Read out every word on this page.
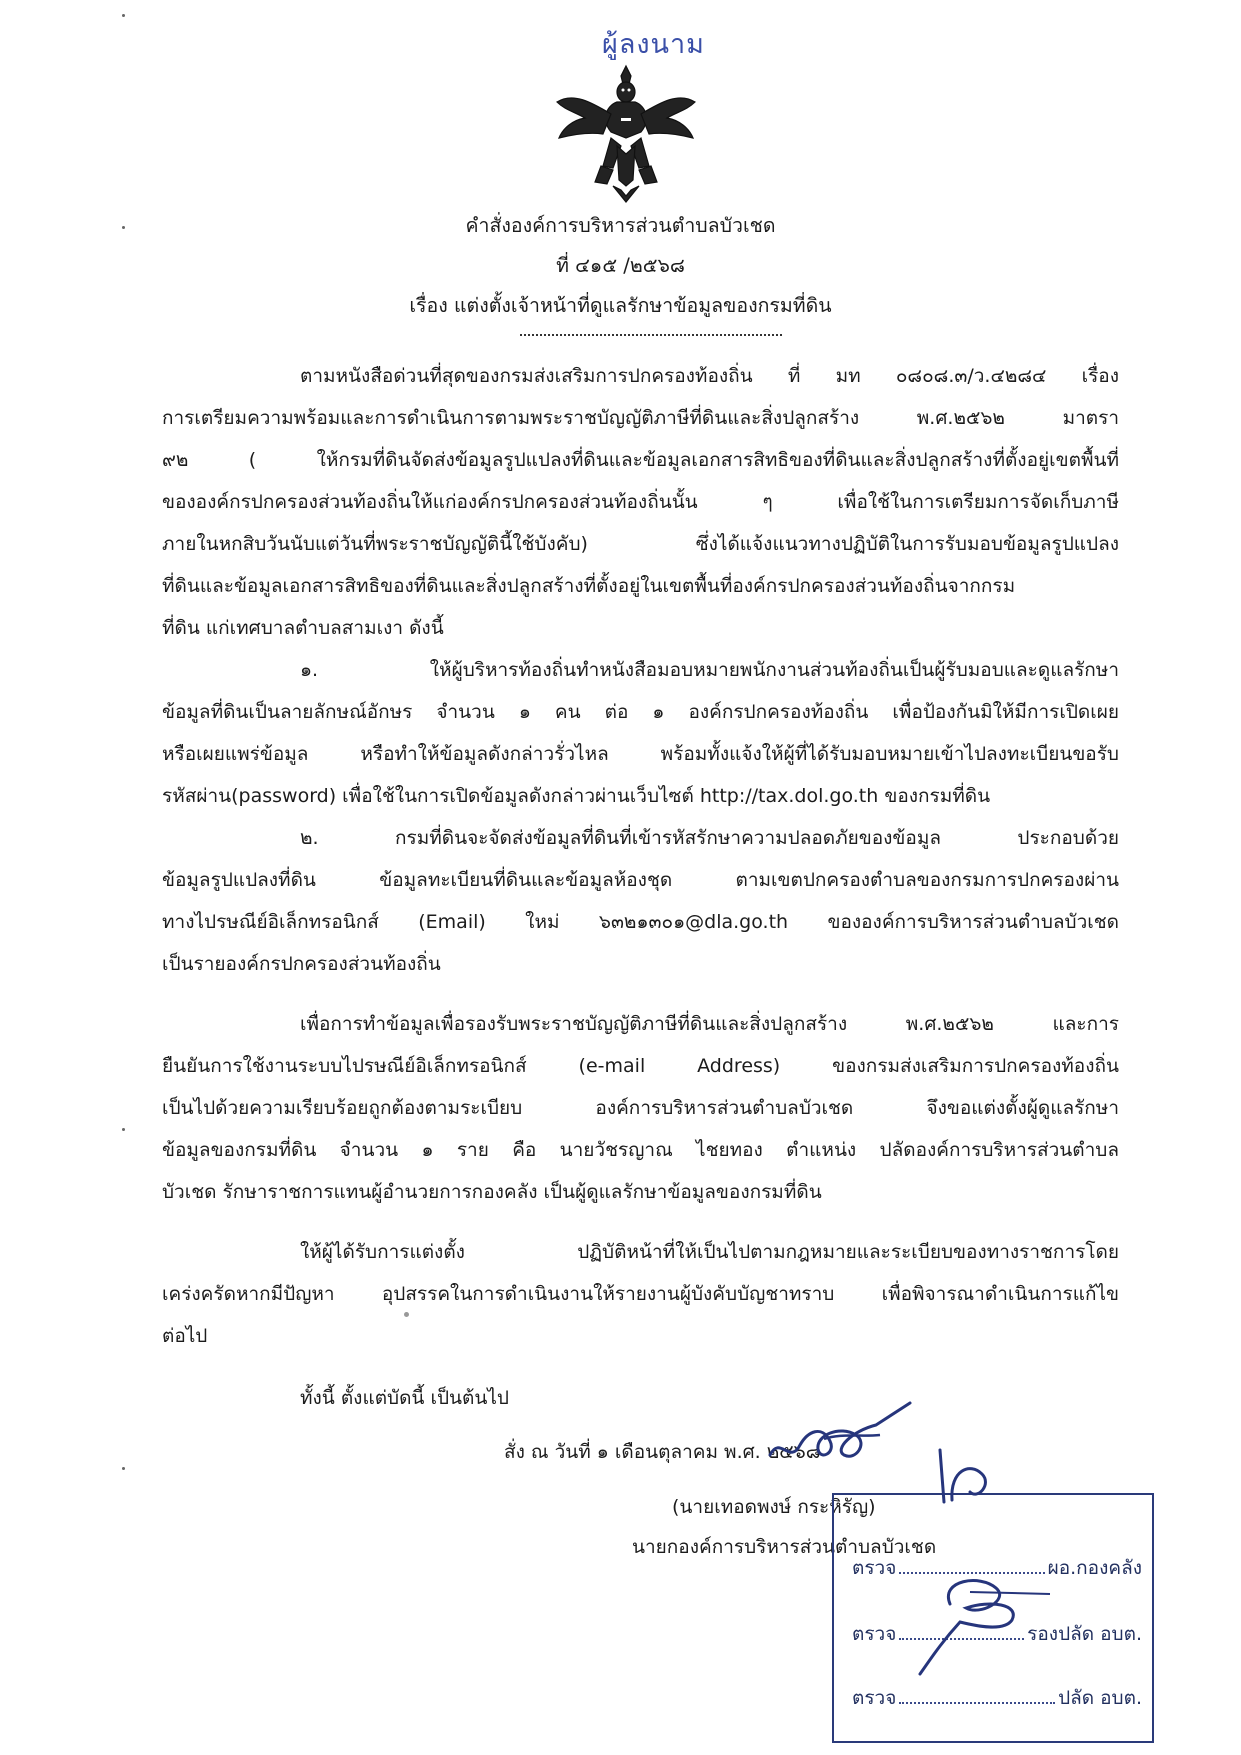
ผู้ลงนาม
คำสั่งองค์การบริหารส่วนตำบลบัวเชด
ที่ ๔๑๕ /๒๕๖๘
เรื่อง แต่งตั้งเจ้าหน้าที่ดูแลรักษาข้อมูลของกรมที่ดิน
ตามหนังสือด่วนที่สุดของกรมส่งเสริมการปกครองท้องถิ่น ที่ มท ๐๘๐๘.๓/ว.๔๒๘๔ เรื่อง
การเตรียมความพร้อมและการดำเนินการตามพระราชบัญญัติภาษีที่ดินและสิ่งปลูกสร้าง พ.ศ.๒๕๖๒ มาตรา
๙๒ ( ให้กรมที่ดินจัดส่งข้อมูลรูปแปลงที่ดินและข้อมูลเอกสารสิทธิของที่ดินและสิ่งปลูกสร้างที่ตั้งอยู่เขตพื้นที่
ขององค์กรปกครองส่วนท้องถิ่นให้แก่องค์กรปกครองส่วนท้องถิ่นนั้น ๆ เพื่อใช้ในการเตรียมการจัดเก็บภาษี
ภายในหกสิบวันนับแต่วันที่พระราชบัญญัตินี้ใช้บังคับ) ซึ่งได้แจ้งแนวทางปฏิบัติในการรับมอบข้อมูลรูปแปลง
ที่ดินและข้อมูลเอกสารสิทธิของที่ดินและสิ่งปลูกสร้างที่ตั้งอยู่ในเขตพื้นที่องค์กรปกครองส่วนท้องถิ่นจากกรม
ที่ดิน แก่เทศบาลตำบลสามเงา ดังนี้
๑. ให้ผู้บริหารท้องถิ่นทำหนังสือมอบหมายพนักงานส่วนท้องถิ่นเป็นผู้รับมอบและดูแลรักษา
ข้อมูลที่ดินเป็นลายลักษณ์อักษร จำนวน ๑ คน ต่อ ๑ องค์กรปกครองท้องถิ่น เพื่อป้องกันมิให้มีการเปิดเผย
หรือเผยแพร่ข้อมูล หรือทำให้ข้อมูลดังกล่าวรั่วไหล พร้อมทั้งแจ้งให้ผู้ที่ได้รับมอบหมายเข้าไปลงทะเบียนขอรับ
รหัสผ่าน(password) เพื่อใช้ในการเปิดข้อมูลดังกล่าวผ่านเว็บไซต์ http://tax.dol.go.th ของกรมที่ดิน
๒. กรมที่ดินจะจัดส่งข้อมูลที่ดินที่เข้ารหัสรักษาความปลอดภัยของข้อมูล ประกอบด้วย
ข้อมูลรูปแปลงที่ดิน ข้อมูลทะเบียนที่ดินและข้อมูลห้องชุด ตามเขตปกครองตำบลของกรมการปกครองผ่าน
ทางไปรษณีย์อิเล็กทรอนิกส์ (Email) ใหม่ ๖๓๒๑๓๐๑@dla.go.th ขององค์การบริหารส่วนตำบลบัวเชด
เป็นรายองค์กรปกครองส่วนท้องถิ่น
เพื่อการทำข้อมูลเพื่อรองรับพระราชบัญญัติภาษีที่ดินและสิ่งปลูกสร้าง พ.ศ.๒๕๖๒ และการ
ยืนยันการใช้งานระบบไปรษณีย์อิเล็กทรอนิกส์ (e-mail Address) ของกรมส่งเสริมการปกครองท้องถิ่น
เป็นไปด้วยความเรียบร้อยถูกต้องตามระเบียบ องค์การบริหารส่วนตำบลบัวเชด จึงขอแต่งตั้งผู้ดูแลรักษา
ข้อมูลของกรมที่ดิน จำนวน ๑ ราย คือ นายวัชรญาณ ไชยทอง ตำแหน่ง ปลัดองค์การบริหารส่วนตำบล
บัวเชด รักษาราชการแทนผู้อำนวยการกองคลัง เป็นผู้ดูแลรักษาข้อมูลของกรมที่ดิน
ให้ผู้ได้รับการแต่งตั้ง ปฏิบัติหน้าที่ให้เป็นไปตามกฎหมายและระเบียบของทางราชการโดย
เคร่งครัดหากมีปัญหา อุปสรรคในการดำเนินงานให้รายงานผู้บังคับบัญชาทราบ เพื่อพิจารณาดำเนินการแก้ไข
ต่อไป
ทั้งนี้ ตั้งแต่บัดนี้ เป็นต้นไป
สั่ง ณ วันที่ ๑ เดือนตุลาคม พ.ศ. ๒๕๖๘
(นายเทอดพงษ์ กระหิรัญ)
นายกองค์การบริหารส่วนตำบลบัวเชด
ตรวจ	ผอ.กองคลัง
ตรวจ	รองปลัด อบต.
ตรวจ	ปลัด อบต.
